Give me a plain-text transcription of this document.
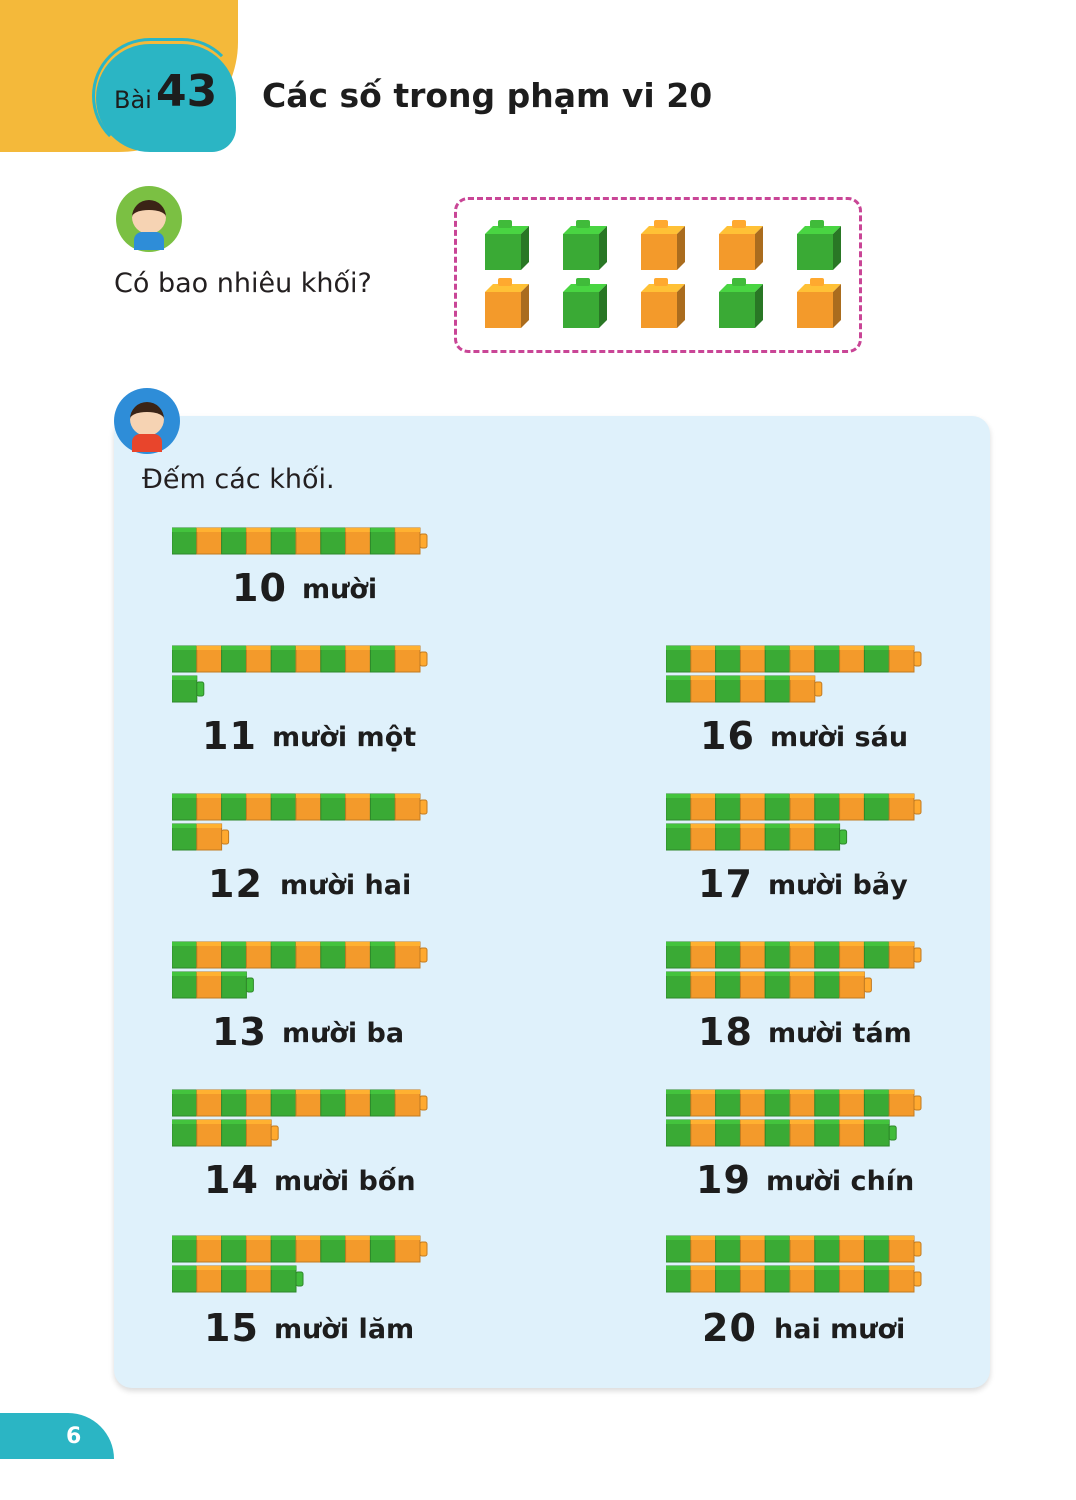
Bài 43 Các số trong phạm vi 20
Có bao nhiêu khối?
Đếm các khối.
10 mười
11 mười một
12 mười hai
13 mười ba
14 mười bốn
15 mười lăm
16 mười sáu
17 mười bảy
18 mười tám
19 mười chín
20 hai mươi
6
